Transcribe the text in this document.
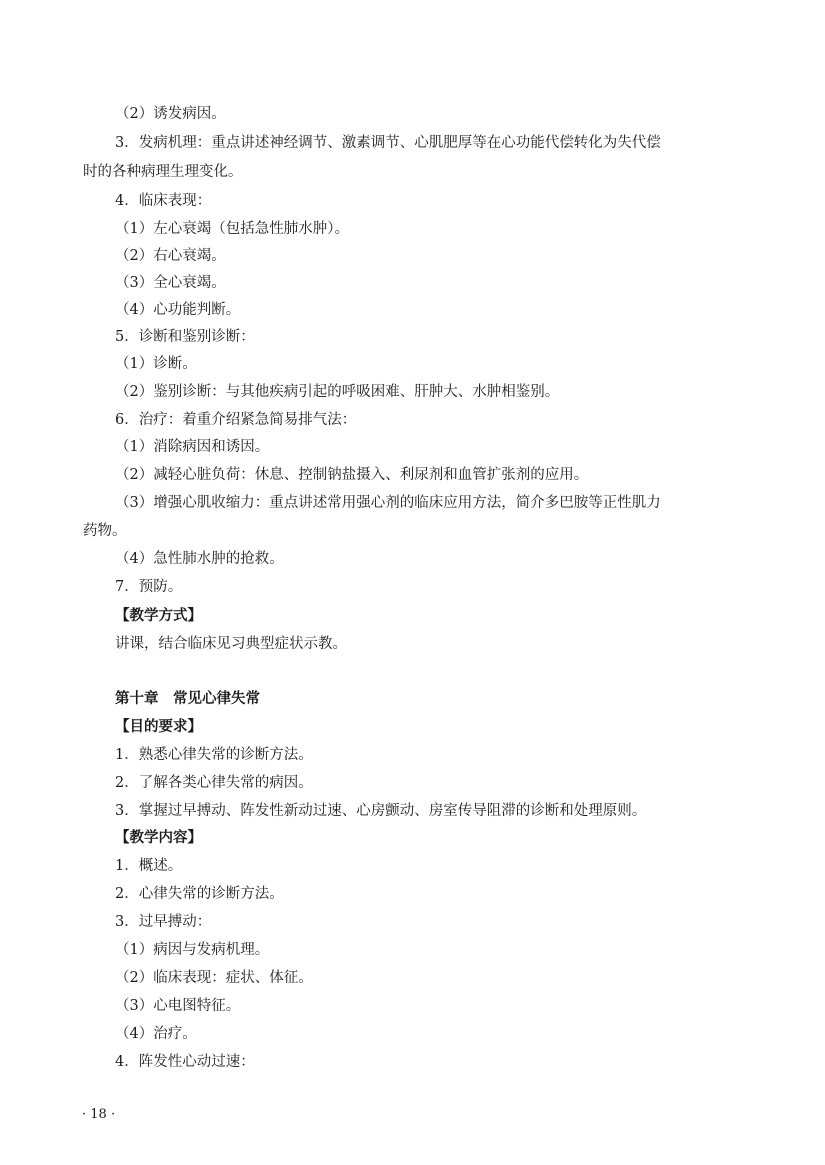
（2）诱发病因。
3．发病机理：重点讲述神经调节、激素调节、心肌肥厚等在心功能代偿转化为失代偿
时的各种病理生理变化。
4．临床表现：
（1）左心衰竭（包括急性肺水肿）。
（2）右心衰竭。
（3）全心衰竭。
（4）心功能判断。
5．诊断和鉴别诊断：
（1）诊断。
（2）鉴别诊断：与其他疾病引起的呼吸困难、肝肿大、水肿相鉴别。
6．治疗：着重介绍紧急简易排气法：
（1）消除病因和诱因。
（2）减轻心脏负荷：休息、控制钠盐摄入、利尿剂和血管扩张剂的应用。
（3）增强心肌收缩力：重点讲述常用强心剂的临床应用方法，简介多巴胺等正性肌力
药物。
（4）急性肺水肿的抢救。
7．预防。
【教学方式】
讲课，结合临床见习典型症状示教。
第十章　常见心律失常
【目的要求】
1．熟悉心律失常的诊断方法。
2．了解各类心律失常的病因。
3．掌握过早搏动、阵发性新动过速、心房颤动、房室传导阻滞的诊断和处理原则。
【教学内容】
1．概述。
2．心律失常的诊断方法。
3．过早搏动：
（1）病因与发病机理。
（2）临床表现：症状、体征。
（3）心电图特征。
（4）治疗。
4．阵发性心动过速：
· 18 ·
